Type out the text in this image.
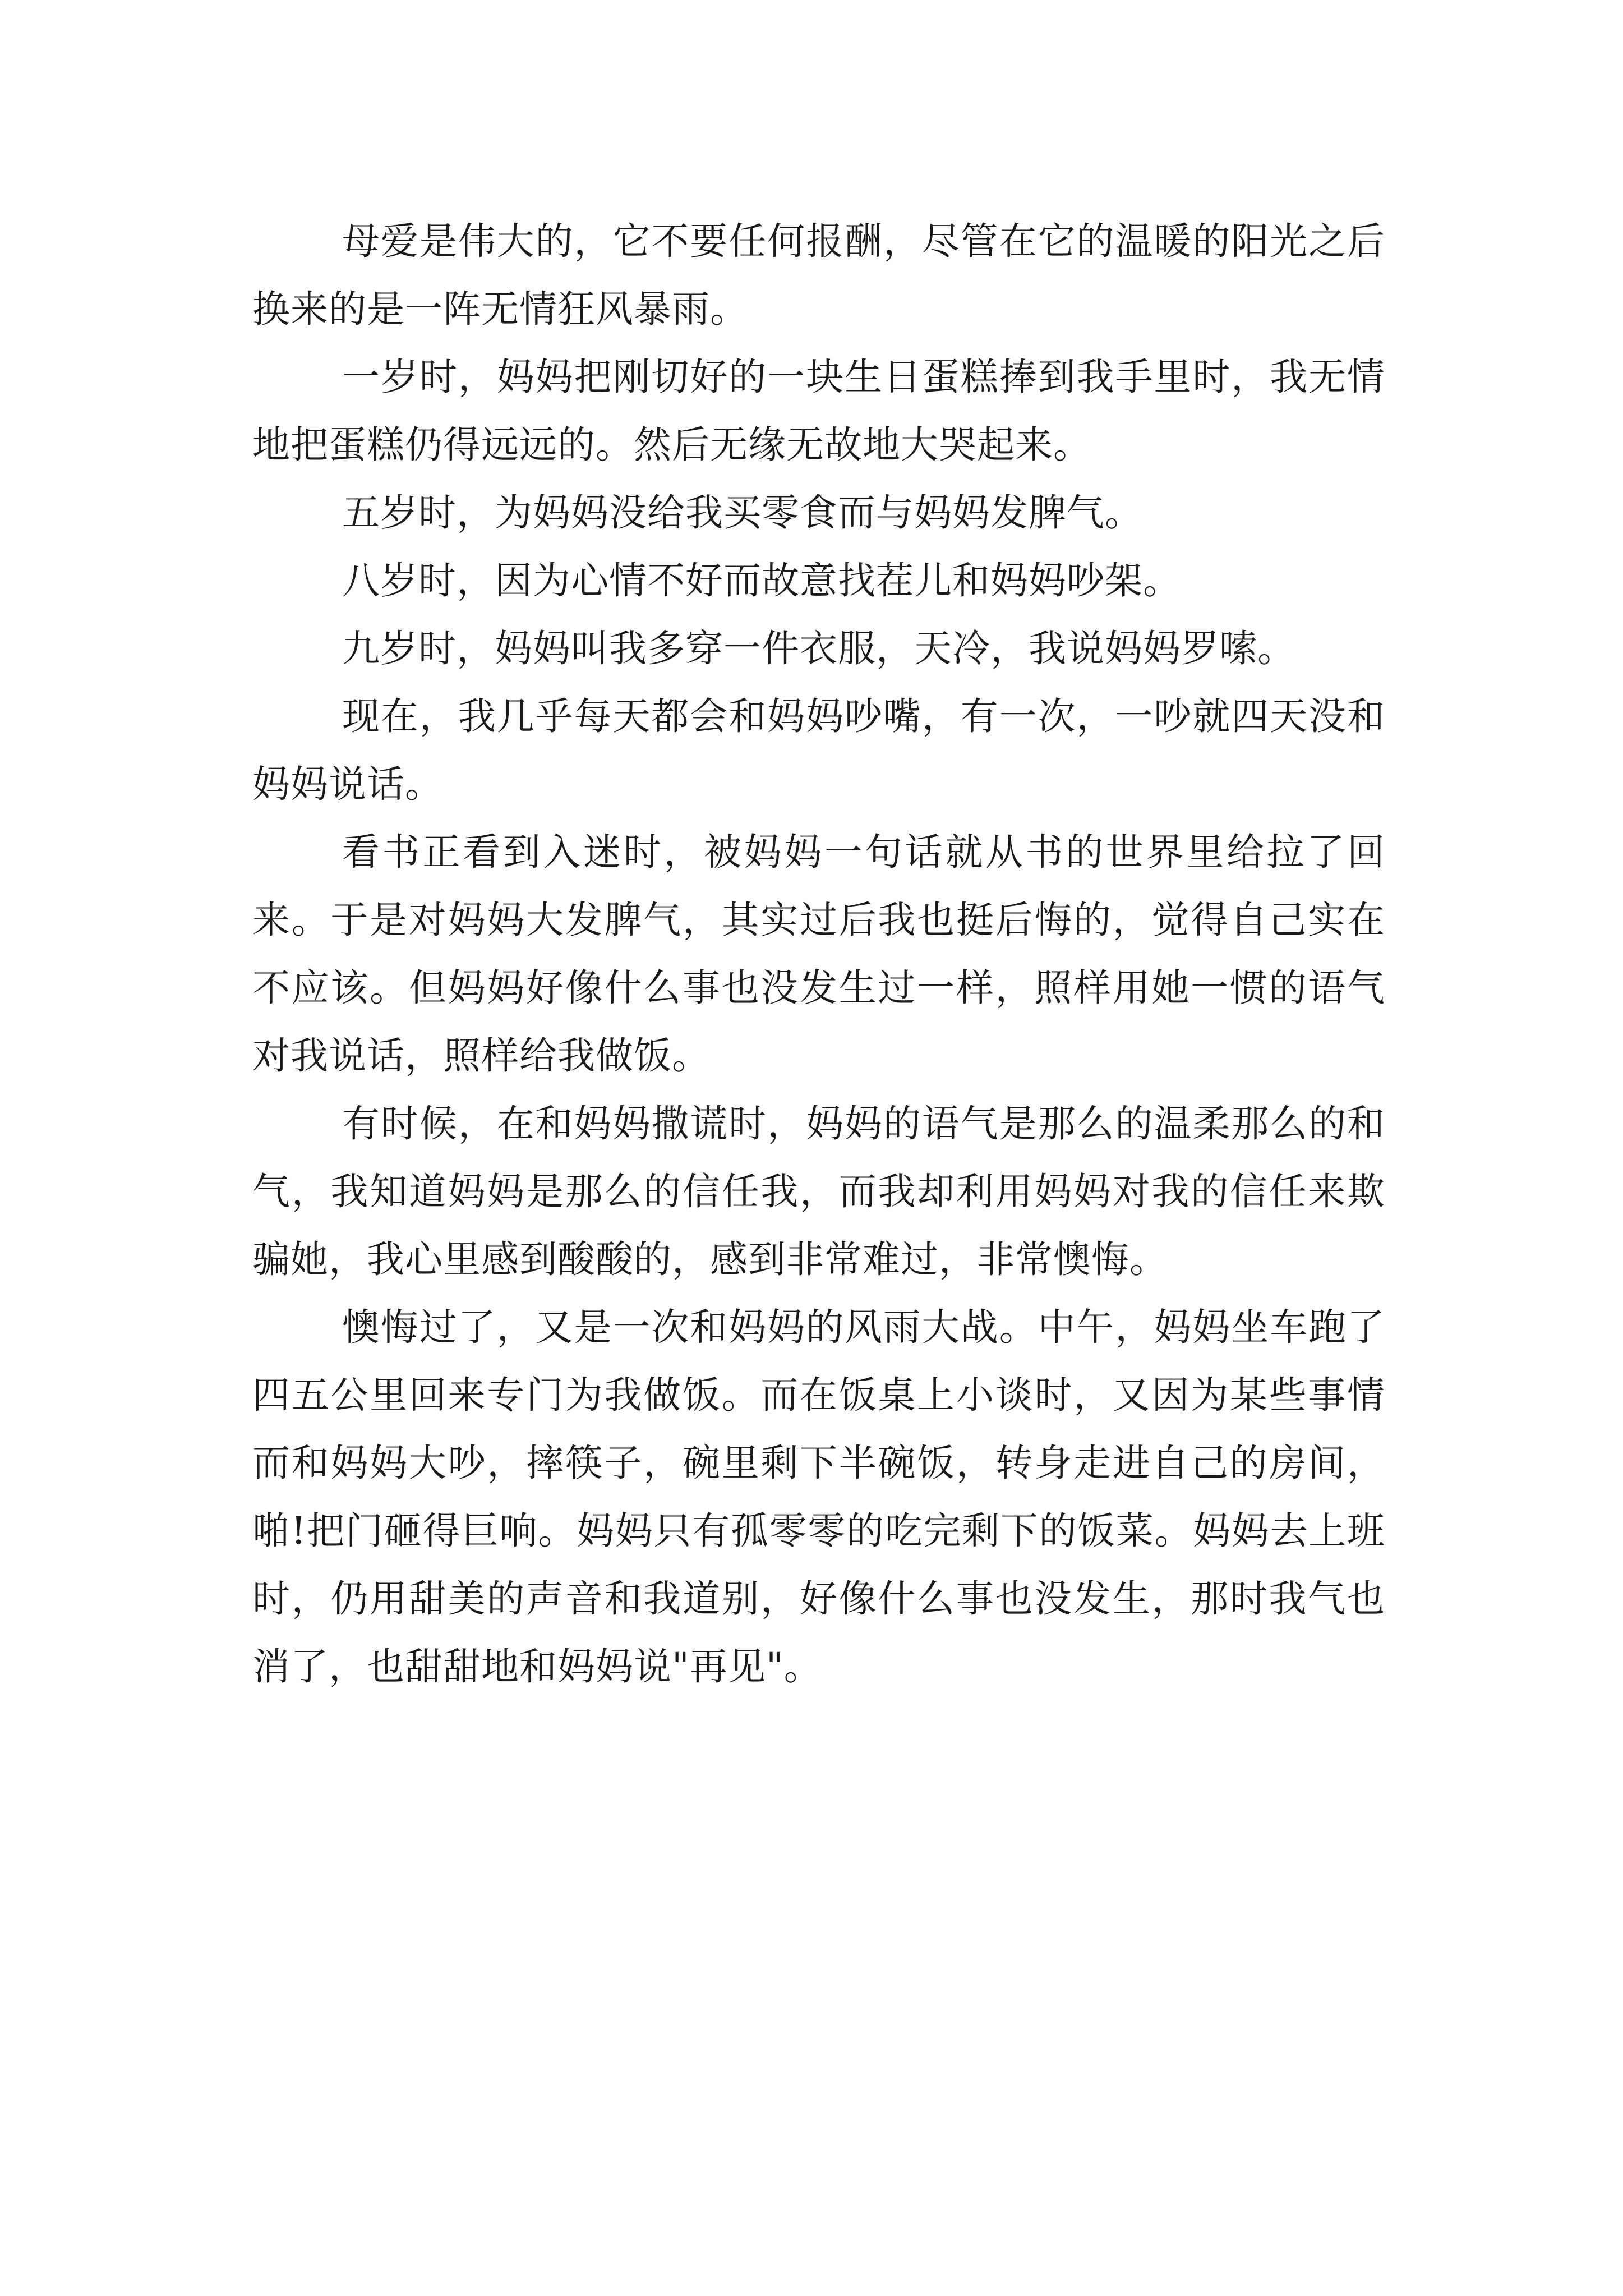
母爱是伟大的，它不要任何报酬，尽管在它的温暖的阳光之后换来的是一阵无情狂风暴雨。

一岁时，妈妈把刚切好的一块生日蛋糕捧到我手里时，我无情地把蛋糕仍得远远的。然后无缘无故地大哭起来。

五岁时，为妈妈没给我买零食而与妈妈发脾气。

八岁时，因为心情不好而故意找茬儿和妈妈吵架。

九岁时，妈妈叫我多穿一件衣服，天冷，我说妈妈罗嗦。

现在，我几乎每天都会和妈妈吵嘴，有一次，一吵就四天没和妈妈说话。

看书正看到入迷时，被妈妈一句话就从书的世界里给拉了回来。于是对妈妈大发脾气，其实过后我也挺后悔的，觉得自己实在不应该。但妈妈好像什么事也没发生过一样，照样用她一惯的语气对我说话，照样给我做饭。

有时候，在和妈妈撒谎时，妈妈的语气是那么的温柔那么的和气，我知道妈妈是那么的信任我，而我却利用妈妈对我的信任来欺骗她，我心里感到酸酸的，感到非常难过，非常懊悔。

懊悔过了，又是一次和妈妈的风雨大战。中午，妈妈坐车跑了四五公里回来专门为我做饭。而在饭桌上小谈时，又因为某些事情而和妈妈大吵，摔筷子，碗里剩下半碗饭，转身走进自己的房间，啪!把门砸得巨响。妈妈只有孤零零的吃完剩下的饭菜。妈妈去上班时，仍用甜美的声音和我道别，好像什么事也没发生，那时我气也消了，也甜甜地和妈妈说"再见"。
